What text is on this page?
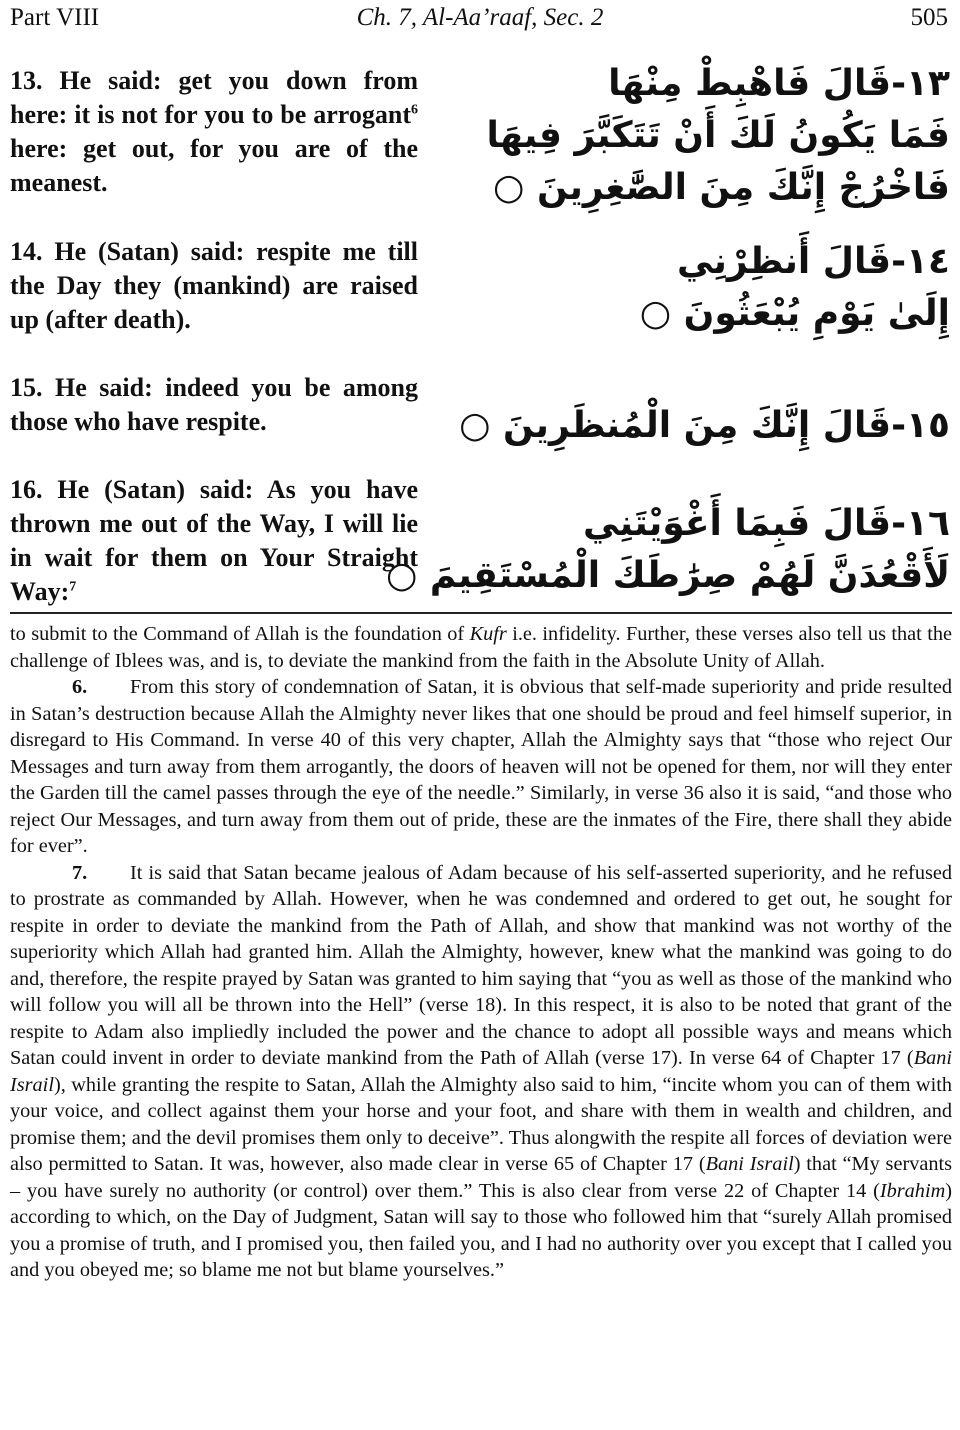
Part VIII	Ch. 7, Al-Aa’raaf, Sec. 2	505
13. He said: get you down from here: it is not for you to be arrogant$^6$ here: get out, for you are of the meanest.
١٣-قَالَ فَاهْبِطْ مِنْهَا
فَمَا يَكُونُ لَكَ أَنْ تَتَكَبَّرَ فِيهَا
فَاخْرُجْ إِنَّكَ مِنَ الصَّٰغِرِينَ ○
14. He (Satan) said: respite me till the Day they (mankind) are raised up (after death).
١٤-قَالَ أَنظِرْنِي
إِلَىٰ يَوْمِ يُبْعَثُونَ ○
15. He said: indeed you be among those who have respite.	١٥-قَالَ إِنَّكَ مِنَ الْمُنظَرِينَ ○
16. He (Satan) said: As you have thrown me out of the Way, I will lie in wait for them on Your Straight Way:$^7$
١٦-قَالَ فَبِمَا أَغْوَيْتَنِي
لَأَقْعُدَنَّ لَهُمْ صِرَٰطَكَ الْمُسْتَقِيمَ ○

to submit to the Command of Allah is the foundation of Kufr i.e. infidelity. Further, these verses also tell us that the challenge of Iblees was, and is, to deviate the mankind from the faith in the Absolute Unity of Allah.

6. From this story of condemnation of Satan, it is obvious that self-made superiority and pride resulted in Satan’s destruction because Allah the Almighty never likes that one should be proud and feel himself superior, in disregard to His Command. In verse 40 of this very chapter, Allah the Almighty says that “those who reject Our Messages and turn away from them arrogantly, the doors of heaven will not be opened for them, nor will they enter the Garden till the camel passes through the eye of the needle.” Similarly, in verse 36 also it is said, “and those who reject Our Messages, and turn away from them out of pride, these are the inmates of the Fire, there shall they abide for ever”.

7. It is said that Satan became jealous of Adam because of his self-asserted superiority, and he refused to prostrate as commanded by Allah. However, when he was condemned and ordered to get out, he sought for respite in order to deviate the mankind from the Path of Allah, and show that mankind was not worthy of the superiority which Allah had granted him. Allah the Almighty, however, knew what the mankind was going to do and, therefore, the respite prayed by Satan was granted to him saying that “you as well as those of the mankind who will follow you will all be thrown into the Hell” (verse 18). In this respect, it is also to be noted that grant of the respite to Adam also impliedly included the power and the chance to adopt all possible ways and means which Satan could invent in order to deviate mankind from the Path of Allah (verse 17). In verse 64 of Chapter 17 (Bani Israil), while granting the respite to Satan, Allah the Almighty also said to him, “incite whom you can of them with your voice, and collect against them your horse and your foot, and share with them in wealth and children, and promise them; and the devil promises them only to deceive”. Thus alongwith the respite all forces of deviation were also permitted to Satan. It was, however, also made clear in verse 65 of Chapter 17 (Bani Israil) that “My servants – you have surely no authority (or control) over them.” This is also clear from verse 22 of Chapter 14 (Ibrahim) according to which, on the Day of Judgment, Satan will say to those who followed him that “surely Allah promised you a promise of truth, and I promised you, then failed you, and I had no authority over you except that I called you and you obeyed me; so blame me not but blame yourselves.”
